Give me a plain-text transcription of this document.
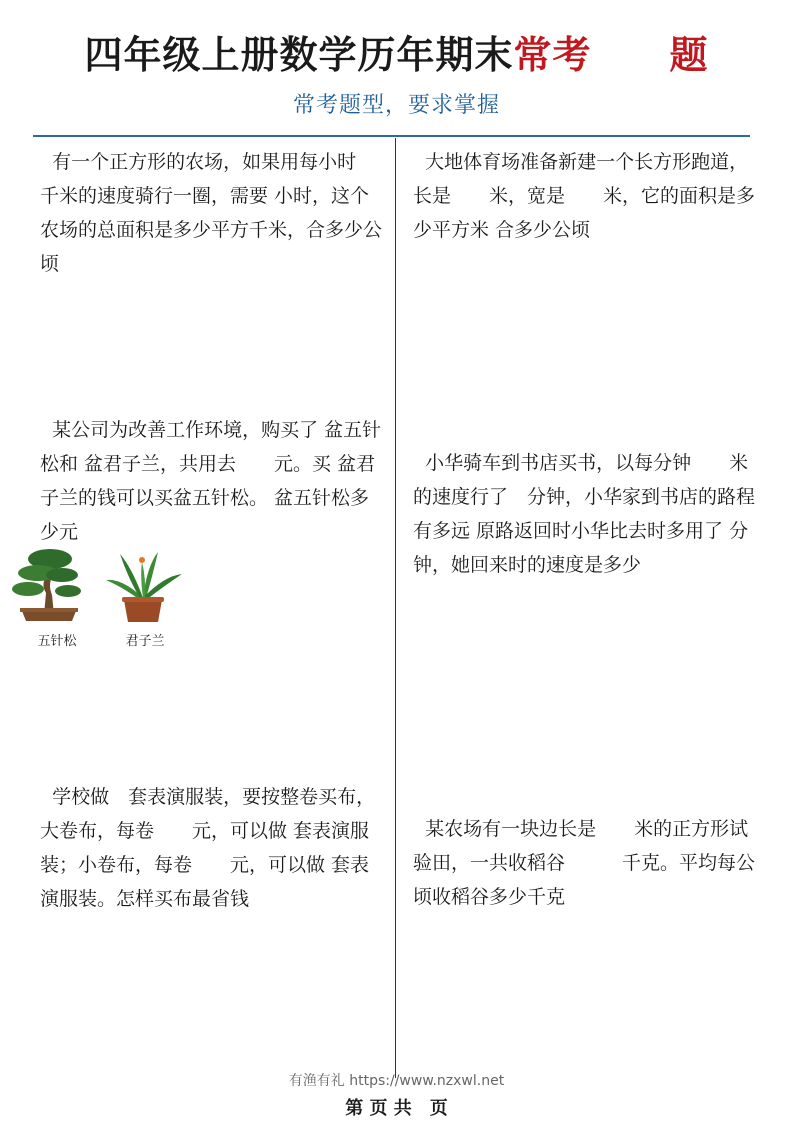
四年级上册数学历年期末常考　　题
常考题型，要求掌握
有一个正方形的农场，如果用每小时　千米的速度骑行一圈，需要 小时，这个农场的总面积是多少平方千米，合多少公顷
大地体育场准备新建一个长方形跑道，长是　　米，宽是　　米，它的面积是多少平方米 合多少公顷
某公司为改善工作环境，购买了 盆五针松和 盆君子兰，共用去　　元。买 盆君子兰的钱可以买盆五针松。 盆五针松多少元
小华骑车到书店买书，以每分钟　　米的速度行了　分钟，小华家到书店的路程有多远 原路返回时小华比去时多用了 分钟，她回来时的速度是多少
学校做　套表演服装，要按整卷买布，大卷布，每卷　　元，可以做 套表演服装；小卷布，每卷　　元，可以做 套表演服装。怎样买布最省钱
某农场有一块边长是　　米的正方形试验田，一共收稻谷　　　千克。平均每公顷收稻谷多少千克
五针松	君子兰
有渔有礼 https://www.nzxwl.net
第 页 共　页
